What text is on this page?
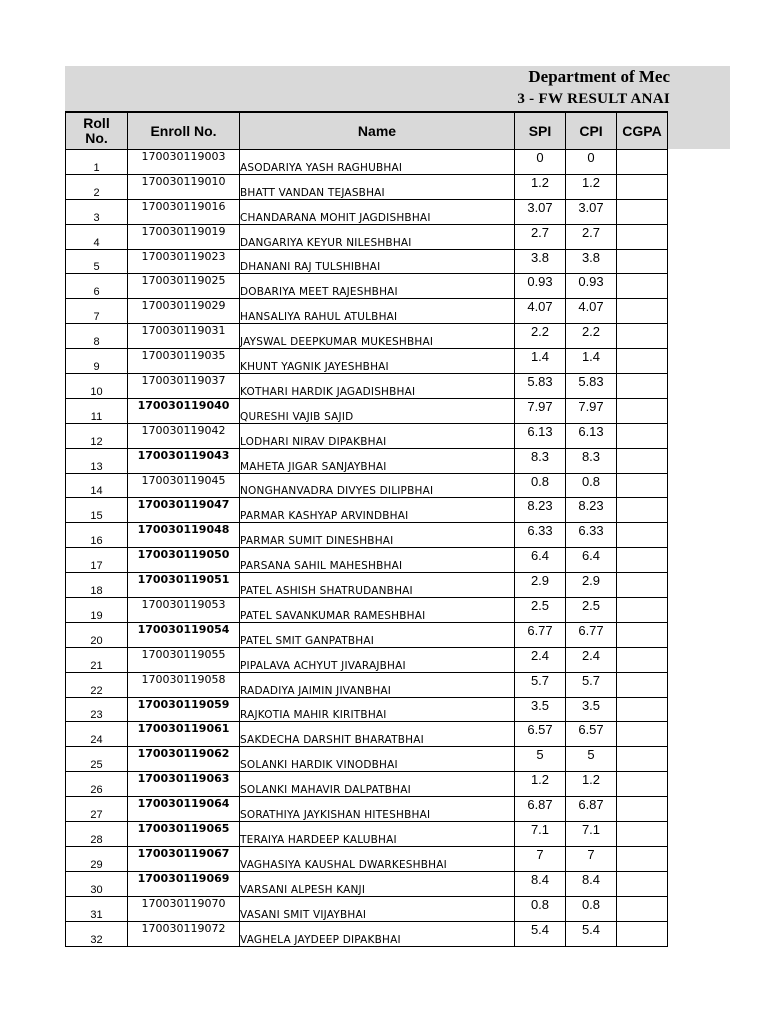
Department of Mec
3 - FW RESULT ANAI
Roll No.	Enroll No.	Name	SPI	CPI	CGPA
1	170030119003	ASODARIYA YASH RAGHUBHAI	0	0	
2	170030119010	BHATT VANDAN TEJASBHAI	1.2	1.2	
3	170030119016	CHANDARANA MOHIT JAGDISHBHAI	3.07	3.07	
4	170030119019	DANGARIYA KEYUR NILESHBHAI	2.7	2.7	
5	170030119023	DHANANI RAJ TULSHIBHAI	3.8	3.8	
6	170030119025	DOBARIYA MEET RAJESHBHAI	0.93	0.93	
7	170030119029	HANSALIYA RAHUL ATULBHAI	4.07	4.07	
8	170030119031	JAYSWAL DEEPKUMAR MUKESHBHAI	2.2	2.2	
9	170030119035	KHUNT YAGNIK JAYESHBHAI	1.4	1.4	
10	170030119037	KOTHARI HARDIK JAGADISHBHAI	5.83	5.83	
11	170030119040	QURESHI VAJIB SAJID	7.97	7.97	
12	170030119042	LODHARI NIRAV DIPAKBHAI	6.13	6.13	
13	170030119043	MAHETA JIGAR SANJAYBHAI	8.3	8.3	
14	170030119045	NONGHANVADRA DIVYES DILIPBHAI	0.8	0.8	
15	170030119047	PARMAR KASHYAP ARVINDBHAI	8.23	8.23	
16	170030119048	PARMAR SUMIT DINESHBHAI	6.33	6.33	
17	170030119050	PARSANA SAHIL MAHESHBHAI	6.4	6.4	
18	170030119051	PATEL ASHISH SHATRUDANBHAI	2.9	2.9	
19	170030119053	PATEL SAVANKUMAR RAMESHBHAI	2.5	2.5	
20	170030119054	PATEL SMIT GANPATBHAI	6.77	6.77	
21	170030119055	PIPALAVA ACHYUT JIVARAJBHAI	2.4	2.4	
22	170030119058	RADADIYA JAIMIN JIVANBHAI	5.7	5.7	
23	170030119059	RAJKOTIA MAHIR KIRITBHAI	3.5	3.5	
24	170030119061	SAKDECHA DARSHIT BHARATBHAI	6.57	6.57	
25	170030119062	SOLANKI HARDIK VINODBHAI	5	5	
26	170030119063	SOLANKI MAHAVIR DALPATBHAI	1.2	1.2	
27	170030119064	SORATHIYA JAYKISHAN HITESHBHAI	6.87	6.87	
28	170030119065	TERAIYA HARDEEP KALUBHAI	7.1	7.1	
29	170030119067	VAGHASIYA KAUSHAL DWARKESHBHAI	7	7	
30	170030119069	VARSANI ALPESH KANJI	8.4	8.4	
31	170030119070	VASANI SMIT VIJAYBHAI	0.8	0.8	
32	170030119072	VAGHELA JAYDEEP DIPAKBHAI	5.4	5.4	
